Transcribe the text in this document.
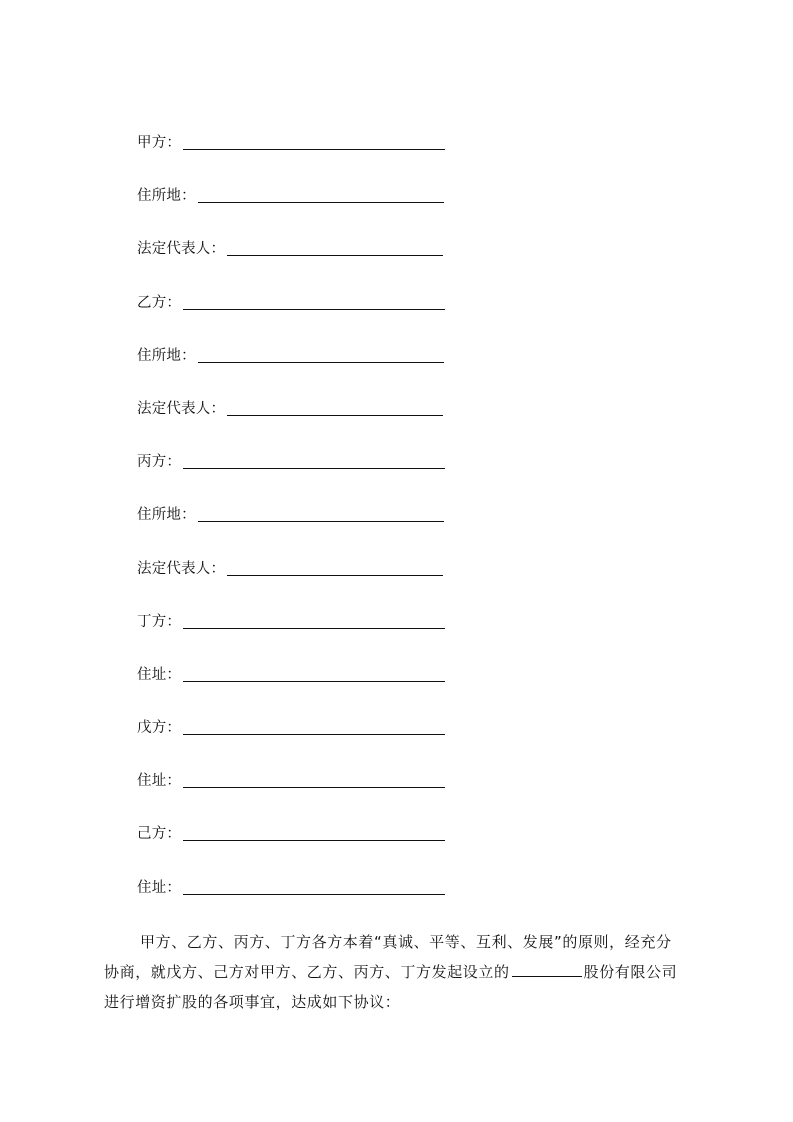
甲方：
住所地：
法定代表人：
乙方：
住所地：
法定代表人：
丙方：
住所地：
法定代表人：
丁方：
住址：
戊方：
住址：
己方：
住址：
甲方、乙方、丙方、丁方各方本着“真诚、平等、互利、发展”的原则，经充分
协商，就戊方、己方对甲方、乙方、丙方、丁方发起设立的	股份有限公司
进行增资扩股的各项事宜，达成如下协议：
